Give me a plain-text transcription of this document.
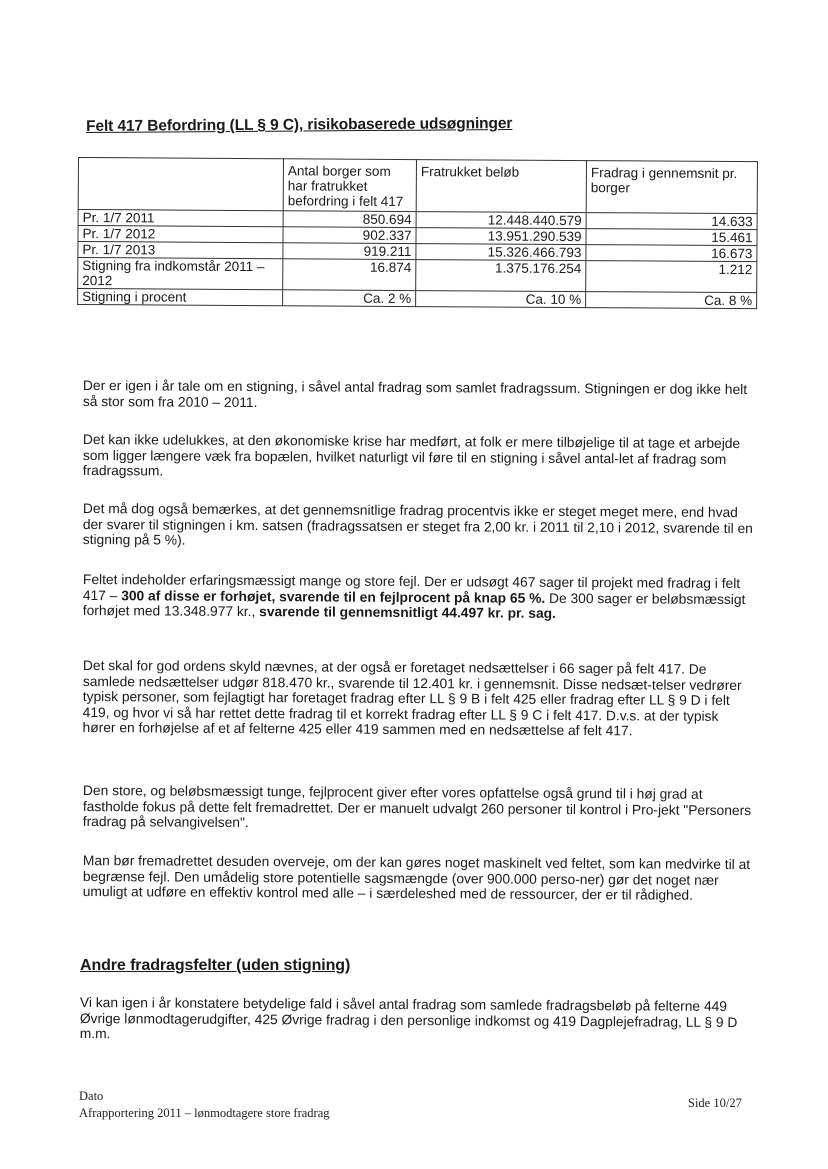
Felt 417 Befordring (LL § 9 C), risikobaserede udsøgninger
	Antal borger som har fratrukket befordring i felt 417	Fratrukket beløb	Fradrag i gennemsnit pr. borger
Pr. 1/7 2011	850.694	12.448.440.579	14.633
Pr. 1/7 2012	902.337	13.951.290.539	15.461
Pr. 1/7 2013	919.211	15.326.466.793	16.673
Stigning fra indkomstår 2011 – 2012	16.874	1.375.176.254	1.212
Stigning i procent	Ca. 2 %	Ca. 10 %	Ca. 8 %

Der er igen i år tale om en stigning, i såvel antal fradrag som samlet fradragssum. Stigningen er dog ikke helt så stor som fra 2010 – 2011.

Det kan ikke udelukkes, at den økonomiske krise har medført, at folk er mere tilbøjelige til at tage et arbejde som ligger længere væk fra bopælen, hvilket naturligt vil føre til en stigning i såvel antal-let af fradrag som fradragssum.

Det må dog også bemærkes, at det gennemsnitlige fradrag procentvis ikke er steget meget mere, end hvad der svarer til stigningen i km. satsen (fradragssatsen er steget fra 2,00 kr. i 2011 til 2,10 i 2012, svarende til en stigning på 5 %).

Feltet indeholder erfaringsmæssigt mange og store fejl. Der er udsøgt 467 sager til projekt med fradrag i felt 417 – 300 af disse er forhøjet, svarende til en fejlprocent på knap 65 %. De 300 sager er beløbsmæssigt forhøjet med 13.348.977 kr., svarende til gennemsnitligt 44.497 kr. pr. sag.

Det skal for god ordens skyld nævnes, at der også er foretaget nedsættelser i 66 sager på felt 417. De samlede nedsættelser udgør 818.470 kr., svarende til 12.401 kr. i gennemsnit. Disse nedsæt-telser vedrører typisk personer, som fejlagtigt har foretaget fradrag efter LL § 9 B i felt 425 eller fradrag efter LL § 9 D i felt 419, og hvor vi så har rettet dette fradrag til et korrekt fradrag efter LL § 9 C i felt 417. D.v.s. at der typisk hører en forhøjelse af et af felterne 425 eller 419 sammen med en nedsættelse af felt 417.

Den store, og beløbsmæssigt tunge, fejlprocent giver efter vores opfattelse også grund til i høj grad at fastholde fokus på dette felt fremadrettet. Der er manuelt udvalgt 260 personer til kontrol i Pro-jekt "Personers fradrag på selvangivelsen".

Man bør fremadrettet desuden overveje, om der kan gøres noget maskinelt ved feltet, som kan medvirke til at begrænse fejl. Den umådelig store potentielle sagsmængde (over 900.000 perso-ner) gør det noget nær umuligt at udføre en effektiv kontrol med alle – i særdeleshed med de ressourcer, der er til rådighed.

Andre fradragsfelter (uden stigning)

Vi kan igen i år konstatere betydelige fald i såvel antal fradrag som samlede fradragsbeløb på felterne 449 Øvrige lønmodtagerudgifter, 425 Øvrige fradrag i den personlige indkomst og 419 Dagplejefradrag, LL § 9 D m.m.

Dato
Afrapportering 2011 – lønmodtagere store fradrag
Side 10/27
